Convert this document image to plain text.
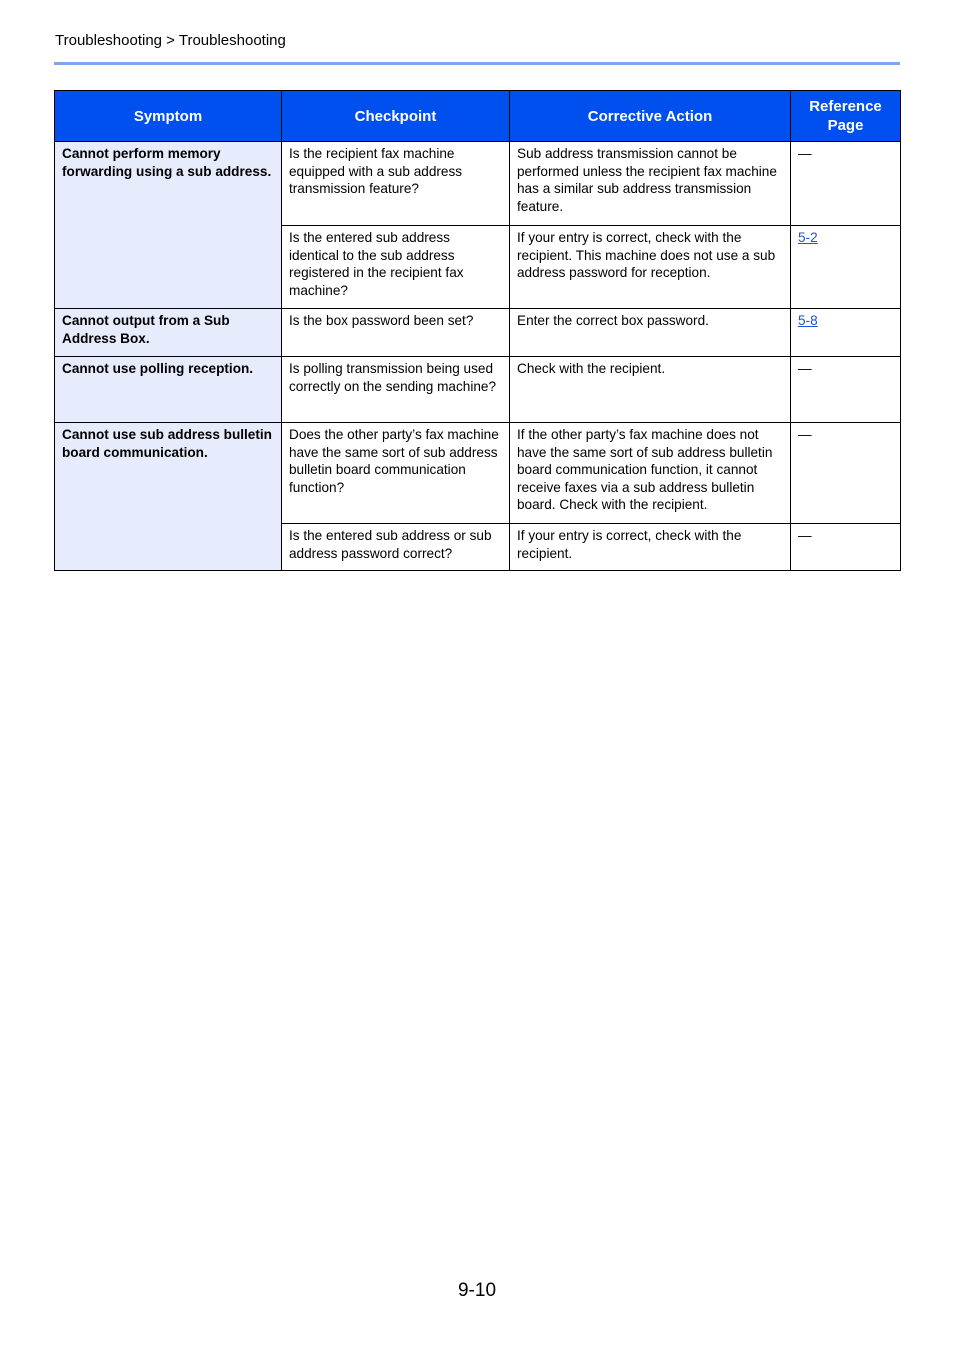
Troubleshooting > Troubleshooting
Symptom	Checkpoint	Corrective Action	Reference Page
Cannot perform memory forwarding using a sub address.	Is the recipient fax machine equipped with a sub address transmission feature?	Sub address transmission cannot be performed unless the recipient fax machine has a similar sub address transmission feature.	—
	Is the entered sub address identical to the sub address registered in the recipient fax machine?	If your entry is correct, check with the recipient. This machine does not use a sub address password for reception.	5-2
Cannot output from a Sub Address Box.	Is the box password been set?	Enter the correct box password.	5-8
Cannot use polling reception.	Is polling transmission being used correctly on the sending machine?	Check with the recipient.	—
Cannot use sub address bulletin board communication.	Does the other party’s fax machine have the same sort of sub address bulletin board communication function?	If the other party’s fax machine does not have the same sort of sub address bulletin board communication function, it cannot receive faxes via a sub address bulletin board. Check with the recipient.	—
	Is the entered sub address or sub address password correct?	If your entry is correct, check with the recipient.	—
9-10
